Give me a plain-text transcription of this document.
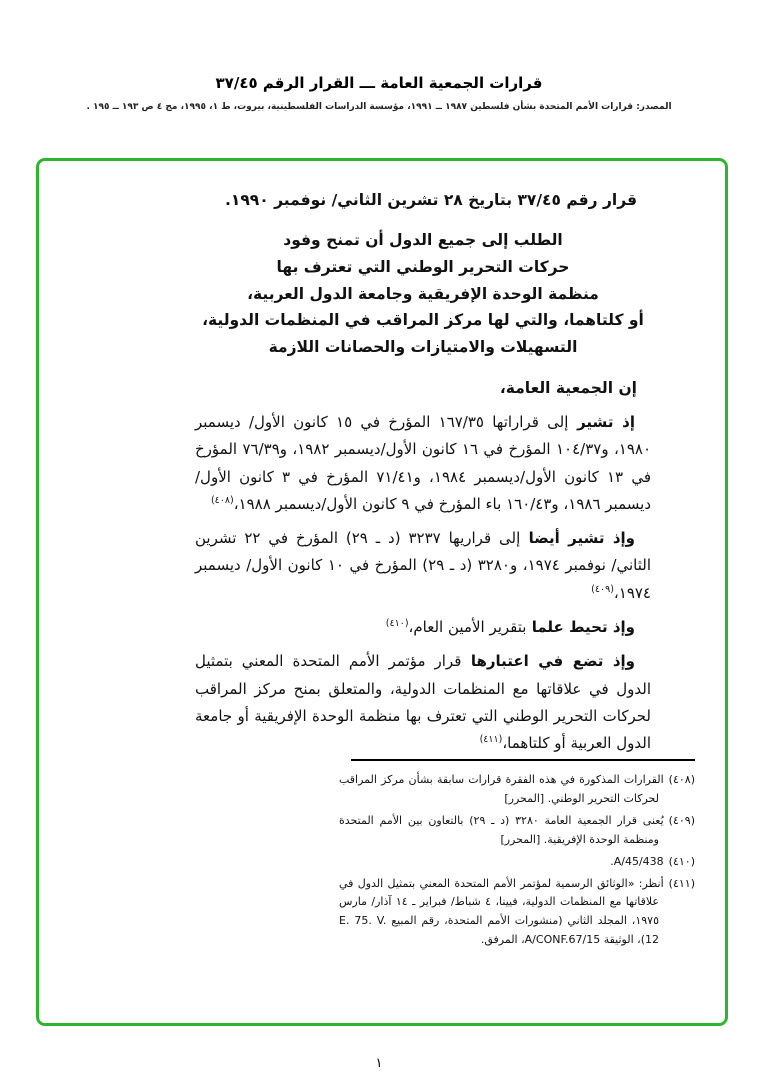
قرارات الجمعية العامة ـــ القرار الرقم ٣٧/٤٥
المصدر: قرارات الأمم المتحدة بشأن فلسطين ١٩٨٧ ــ ١٩٩١، مؤسسة الدراسات الفلسطينية، بيروت، ط ١، ١٩٩٥، مج ٤ ص ١٩٣ ــ ١٩٥ .

قرار رقم ٣٧/٤٥ بتاريخ ٢٨ تشرين الثاني/ نوفمبر ١٩٩٠.

الطلب إلى جميع الدول أن تمنح وفود
حركات التحرير الوطني التي تعترف بها
منظمة الوحدة الإفريقية وجامعة الدول العربية،
أو كلتاهما، والتي لها مركز المراقب في المنظمات الدولية،
التسهيلات والامتيازات والحصانات اللازمة

إن الجمعية العامة،

إذ تشير إلى قراراتها ١٦٧/٣٥ المؤرخ في ١٥ كانون الأول/ ديسمبر ١٩٨٠، و١٠٤/٣٧ المؤرخ في ١٦ كانون الأول/ديسمبر ١٩٨٢، و٧٦/٣٩ المؤرخ في ١٣ كانون الأول/ديسمبر ١٩٨٤، و٧١/٤١ المؤرخ في ٣ كانون الأول/ديسمبر ١٩٨٦، و١٦٠/٤٣ باء المؤرخ في ٩ كانون الأول/ديسمبر ١٩٨٨،$^{(٤٠٨)}$

وإذ تشير أيضا إلى قراريها ٣٢٣٧ (د ـ ٢٩) المؤرخ في ٢٢ تشرين الثاني/ نوفمبر ١٩٧٤، و٣٢٨٠ (د ـ ٢٩) المؤرخ في ١٠ كانون الأول/ ديسمبر ١٩٧٤،$^{(٤٠٩)}$

وإذ تحيط علما بتقرير الأمين العام،$^{(٤١٠)}$

وإذ تضع في اعتبارها قرار مؤتمر الأمم المتحدة المعني بتمثيل الدول في علاقاتها مع المنظمات الدولية، والمتعلق بمنح مركز المراقب لحركات التحرير الوطني التي تعترف بها منظمة الوحدة الإفريقية أو جامعة الدول العربية أو كلتاهما،$^{(٤١١)}$

(٤٠٨)القرارات المذكورة في هذه الفقرة قرارات سابقة بشأن مركز المراقب لحركات التحرير الوطني. [المحرر]
(٤٠٩)يُعنى قرار الجمعية العامة ٣٢٨٠ (د ـ ٢٩) بالتعاون بين الأمم المتحدة ومنظمة الوحدة الإفريقية. [المحرر]
(٤١٠)A/45/438.
(٤١١)أنظر: «الوثائق الرسمية لمؤتمر الأمم المتحدة المعني بتمثيل الدول في علاقاتها مع المنظمات الدولية، فيينا، ٤ شباط/ فبراير ـ ١٤ آذار/ مارس ١٩٧٥، المجلد الثاني (منشورات الأمم المتحدة، رقم المبيع E. 75. V. 12)، الوثيقة A/CONF.67/15، المرفق.
١
